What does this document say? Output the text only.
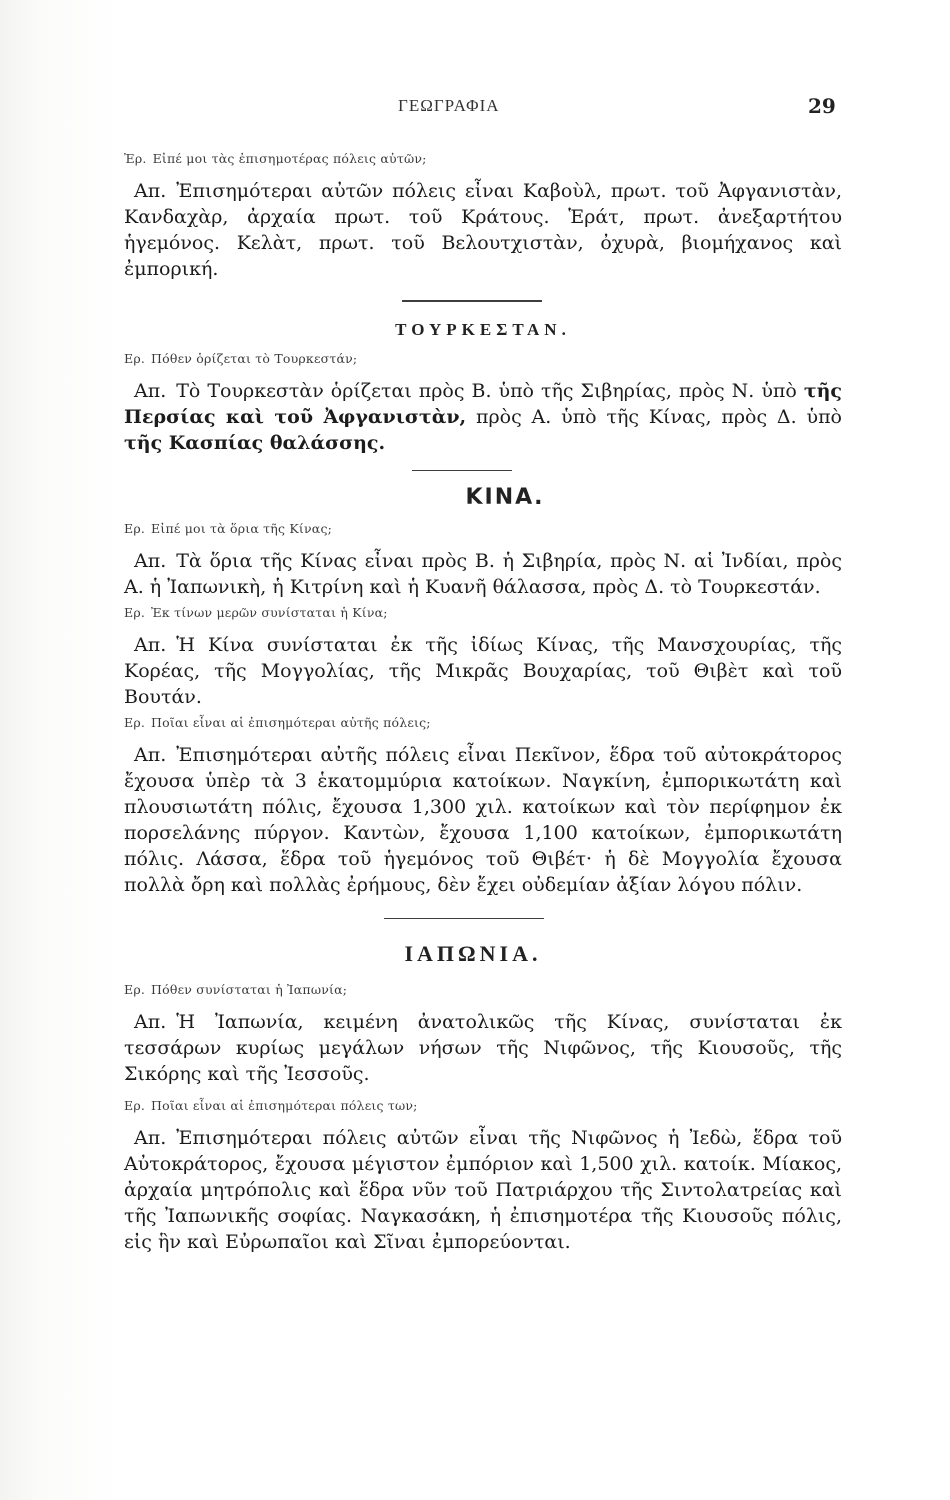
ΓΕΩΓΡΑΦΙΑ	29

Ἐρ. Εἰπέ μοι τὰς ἐπισημοτέρας πόλεις αὐτῶν;

Απ. Ἐπισημότεραι αὐτῶν πόλεις εἶναι Καβοὺλ, πρωτ. τοῦ Ἀφγανιστὰν, Κανδαχὰρ, ἀρχαία πρωτ. τοῦ Κράτους. Ἑράτ, πρωτ. ἀνεξαρτήτου ἡγεμόνος. Κελὰτ, πρωτ. τοῦ Βελουτχιστὰν, ὀχυρὰ, βιομήχανος καὶ ἐμπορική.

ΤΟΥΡΚΕΣΤΑΝ.

Ερ. Πόθεν ὁρίζεται τὸ Τουρκεστάν;

Απ. Τὸ Τουρκεστὰν ὁρίζεται πρὸς Β. ὑπὸ τῆς Σιβηρίας, πρὸς Ν. ὑπὸ τῆς Περσίας καὶ τοῦ Ἀφγανιστὰν, πρὸς Α. ὑπὸ τῆς Κίνας, πρὸς Δ. ὑπὸ τῆς Κασπίας θαλάσσης.

ΚΙΝΑ.

Ερ. Εἰπέ μοι τὰ ὅρια τῆς Κίνας;

Απ. Τὰ ὅρια τῆς Κίνας εἶναι πρὸς Β. ἡ Σιβηρία, πρὸς Ν. αἱ Ἰνδίαι, πρὸς Α. ἡ Ἰαπωνικὴ, ἡ Κιτρίνη καὶ ἡ Κυανῆ θάλασσα, πρὸς Δ. τὸ Τουρκεστάν.

Ερ. Ἐκ τίνων μερῶν συνίσταται ἡ Κίνα;

Απ. Ἡ Κίνα συνίσταται ἐκ τῆς ἰδίως Κίνας, τῆς Μανσχουρίας, τῆς Κορέας, τῆς Μογγολίας, τῆς Μικρᾶς Βουχαρίας, τοῦ Θιβὲτ καὶ τοῦ Βουτάν.

Ερ. Ποῖαι εἶναι αἱ ἐπισημότεραι αὐτῆς πόλεις;

Απ. Ἐπισημότεραι αὐτῆς πόλεις εἶναι Πεκῖνον, ἕδρα τοῦ αὐτοκράτορος ἔχουσα ὑπὲρ τὰ 3 ἑκατομμύρια κατοίκων. Ναγκίνη, ἐμπορικωτάτη καὶ πλουσιωτάτη πόλις, ἔχουσα 1,300 χιλ. κατοίκων καὶ τὸν περίφημον ἐκ πορσελάνης πύργον. Καντὼν, ἔχουσα 1,100 κατοίκων, ἐμπορικωτάτη πόλις. Λάσσα, ἕδρα τοῦ ἡγεμόνος τοῦ Θιβέτ· ἡ δὲ Μογγολία ἔχουσα πολλὰ ὄρη καὶ πολλὰς ἐρήμους, δὲν ἔχει οὐδεμίαν ἀξίαν λόγου πόλιν.

ΙΑΠΩΝΙΑ.

Ερ. Πόθεν συνίσταται ἡ Ἰαπωνία;

Απ. Ἡ Ἰαπωνία, κειμένη ἀνατολικῶς τῆς Κίνας, συνίσταται ἐκ τεσσάρων κυρίως μεγάλων νήσων τῆς Νιφῶνος, τῆς Κιουσοῦς, τῆς Σικόρης καὶ τῆς Ἰεσσοῦς.

Ερ. Ποῖαι εἶναι αἱ ἐπισημότεραι πόλεις των;

Απ. Ἐπισημότεραι πόλεις αὐτῶν εἶναι τῆς Νιφῶνος ἡ Ἰεδὼ, ἕδρα τοῦ Αὐτοκράτορος, ἔχουσα μέγιστον ἐμπόριον καὶ 1,500 χιλ. κατοίκ. Μίακος, ἀρχαία μητρόπολις καὶ ἕδρα νῦν τοῦ Πατριάρχου τῆς Σιντολατρείας καὶ τῆς Ἰαπωνικῆς σοφίας. Ναγκασάκη, ἡ ἐπισημοτέρα τῆς Κιουσοῦς πόλις, εἰς ἣν καὶ Εὐρωπαῖοι καὶ Σῖναι ἐμπορεύονται.
